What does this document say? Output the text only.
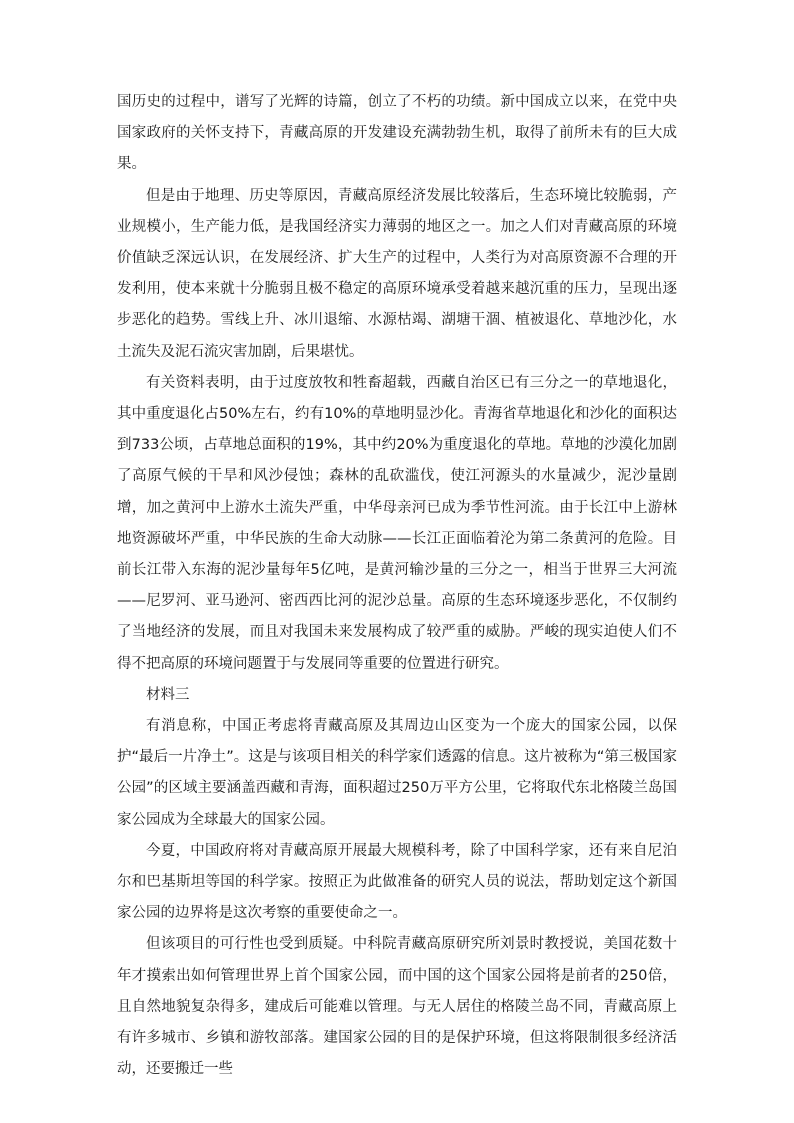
国历史的过程中，谱写了光辉的诗篇，创立了不朽的功绩。新中国成立以来，在党中央国家政府的关怀支持下，青藏高原的开发建设充满勃勃生机，取得了前所未有的巨大成果。

但是由于地理、历史等原因，青藏高原经济发展比较落后，生态环境比较脆弱，产业规模小，生产能力低，是我国经济实力薄弱的地区之一。加之人们对青藏高原的环境价值缺乏深远认识，在发展经济、扩大生产的过程中，人类行为对高原资源不合理的开发利用，使本来就十分脆弱且极不稳定的高原环境承受着越来越沉重的压力，呈现出逐步恶化的趋势。雪线上升、冰川退缩、水源枯竭、湖塘干涸、植被退化、草地沙化，水土流失及泥石流灾害加剧，后果堪忧。

有关资料表明，由于过度放牧和牲畜超载，西藏自治区已有三分之一的草地退化，其中重度退化占50%左右，约有10%的草地明显沙化。青海省草地退化和沙化的面积达到733公顷，占草地总面积的19%，其中约20%为重度退化的草地。草地的沙漠化加剧了高原气候的干旱和风沙侵蚀；森林的乱砍滥伐，使江河源头的水量减少，泥沙量剧增，加之黄河中上游水土流失严重，中华母亲河已成为季节性河流。由于长江中上游林地资源破坏严重，中华民族的生命大动脉——长江正面临着沦为第二条黄河的危险。目前长江带入东海的泥沙量每年5亿吨，是黄河输沙量的三分之一，相当于世界三大河流——尼罗河、亚马逊河、密西西比河的泥沙总量。高原的生态环境逐步恶化，不仅制约了当地经济的发展，而且对我国未来发展构成了较严重的威胁。严峻的现实迫使人们不得不把高原的环境问题置于与发展同等重要的位置进行研究。

材料三

有消息称，中国正考虑将青藏高原及其周边山区变为一个庞大的国家公园，以保护“最后一片净土”。这是与该项目相关的科学家们透露的信息。这片被称为“第三极国家公园”的区域主要涵盖西藏和青海，面积超过250万平方公里，它将取代东北格陵兰岛国家公园成为全球最大的国家公园。

今夏，中国政府将对青藏高原开展最大规模科考，除了中国科学家，还有来自尼泊尔和巴基斯坦等国的科学家。按照正为此做准备的研究人员的说法，帮助划定这个新国家公园的边界将是这次考察的重要使命之一。

但该项目的可行性也受到质疑。中科院青藏高原研究所刘景时教授说，美国花数十年才摸索出如何管理世界上首个国家公园，而中国的这个国家公园将是前者的250倍，且自然地貌复杂得多，建成后可能难以管理。与无人居住的格陵兰岛不同，青藏高原上有许多城市、乡镇和游牧部落。建国家公园的目的是保护环境，但这将限制很多经济活动，还要搬迁一些
